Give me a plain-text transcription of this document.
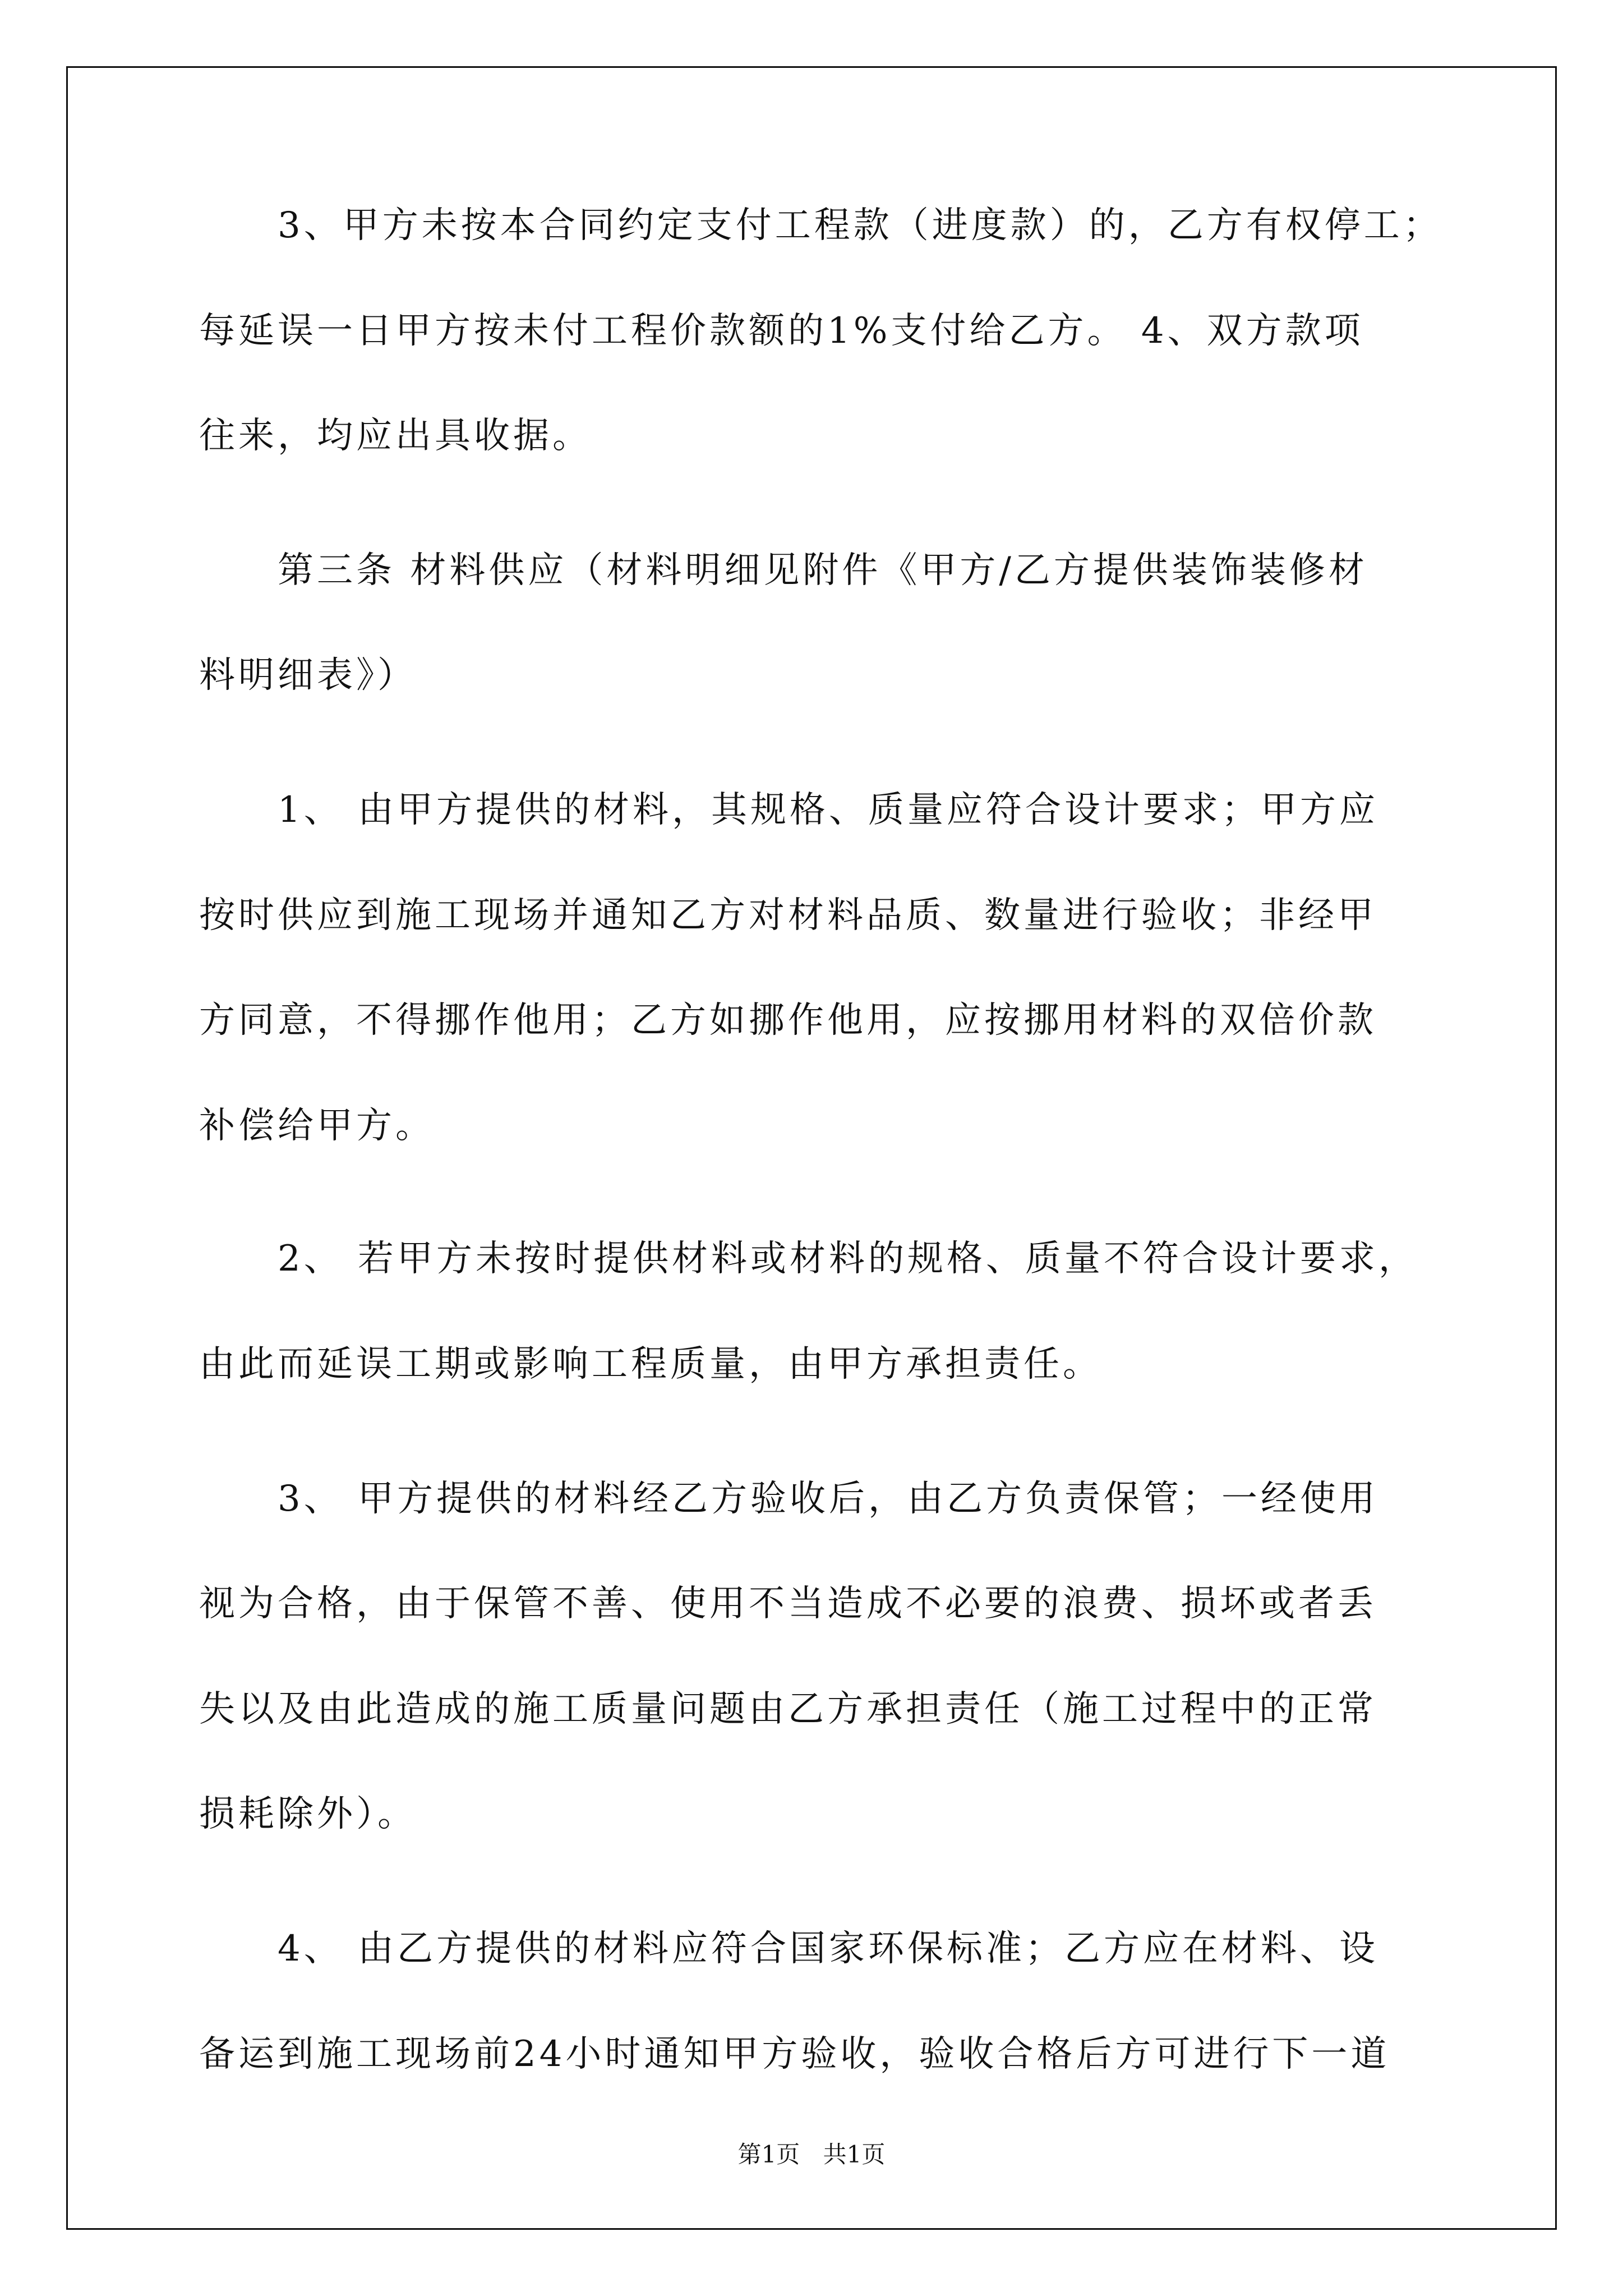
3、甲方未按本合同约定支付工程款（进度款）的，乙方有权停工；
每延误一日甲方按未付工程价款额的1%支付给乙方。 4、双方款项
往来，均应出具收据。
第三条 材料供应（材料明细见附件《甲方/乙方提供装饰装修材
料明细表》）
1、 由甲方提供的材料，其规格、质量应符合设计要求；甲方应
按时供应到施工现场并通知乙方对材料品质、数量进行验收；非经甲
方同意，不得挪作他用；乙方如挪作他用，应按挪用材料的双倍价款
补偿给甲方。
2、 若甲方未按时提供材料或材料的规格、质量不符合设计要求，
由此而延误工期或影响工程质量，由甲方承担责任。
3、 甲方提供的材料经乙方验收后，由乙方负责保管；一经使用
视为合格，由于保管不善、使用不当造成不必要的浪费、损坏或者丢
失以及由此造成的施工质量问题由乙方承担责任（施工过程中的正常
损耗除外）。
4、 由乙方提供的材料应符合国家环保标准；乙方应在材料、设
备运到施工现场前24小时通知甲方验收，验收合格后方可进行下一道
第1页 共1页
